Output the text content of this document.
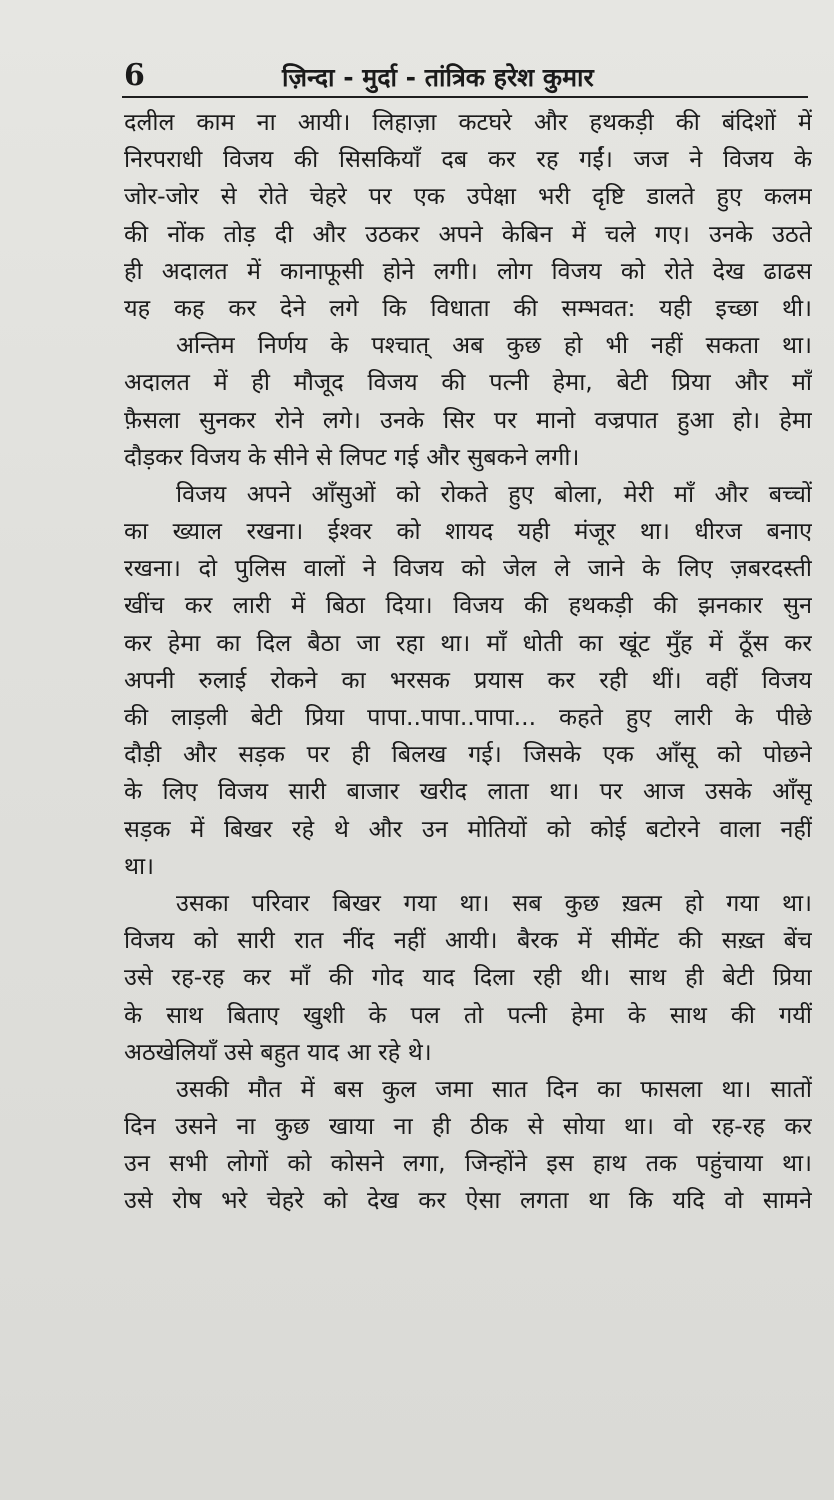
6	ज़िन्दा - मुर्दा - तांत्रिक हरेश कुमार
दलील काम ना आयी। लिहाज़ा कटघरे और हथकड़ी की बंदिशों में
निरपराधी विजय की सिसकियाँ दब कर रह गईं। जज ने विजय के
जोर-जोर से रोते चेहरे पर एक उपेक्षा भरी दृष्टि डालते हुए कलम
की नोंक तोड़ दी और उठकर अपने केबिन में चले गए। उनके उठते
ही अदालत में कानाफूसी होने लगी। लोग विजय को रोते देख ढाढस
यह कह कर देने लगे कि विधाता की सम्भवत: यही इच्छा थी।
अन्तिम निर्णय के पश्चात् अब कुछ हो भी नहीं सकता था।
अदालत में ही मौजूद विजय की पत्नी हेमा, बेटी प्रिया और माँ
फ़ैसला सुनकर रोने लगे। उनके सिर पर मानो वज्रपात हुआ हो। हेमा
दौड़कर विजय के सीने से लिपट गई और सुबकने लगी।
विजय अपने आँसुओं को रोकते हुए बोला, मेरी माँ और बच्चों
का ख्याल रखना। ईश्वर को शायद यही मंजूर था। धीरज बनाए
रखना। दो पुलिस वालों ने विजय को जेल ले जाने के लिए ज़बरदस्ती
खींच कर लारी में बिठा दिया। विजय की हथकड़ी की झनकार सुन
कर हेमा का दिल बैठा जा रहा था। माँ धोती का खूंट मुँह में ठूँस कर
अपनी रुलाई रोकने का भरसक प्रयास कर रही थीं। वहीं विजय
की लाड़ली बेटी प्रिया पापा..पापा..पापा... कहते हुए लारी के पीछे
दौड़ी और सड़क पर ही बिलख गई। जिसके एक आँसू को पोछने
के लिए विजय सारी बाजार खरीद लाता था। पर आज उसके आँसू
सड़क में बिखर रहे थे और उन मोतियों को कोई बटोरने वाला नहीं
था।
उसका परिवार बिखर गया था। सब कुछ ख़त्म हो गया था।
विजय को सारी रात नींद नहीं आयी। बैरक में सीमेंट की सख़्त बेंच
उसे रह-रह कर माँ की गोद याद दिला रही थी। साथ ही बेटी प्रिया
के साथ बिताए खुशी के पल तो पत्नी हेमा के साथ की गयीं
अठखेलियाँ उसे बहुत याद आ रहे थे।
उसकी मौत में बस कुल जमा सात दिन का फासला था। सातों
दिन उसने ना कुछ खाया ना ही ठीक से सोया था। वो रह-रह कर
उन सभी लोगों को कोसने लगा, जिन्होंने इस हाथ तक पहुंचाया था।
उसे रोष भरे चेहरे को देख कर ऐसा लगता था कि यदि वो सामने
